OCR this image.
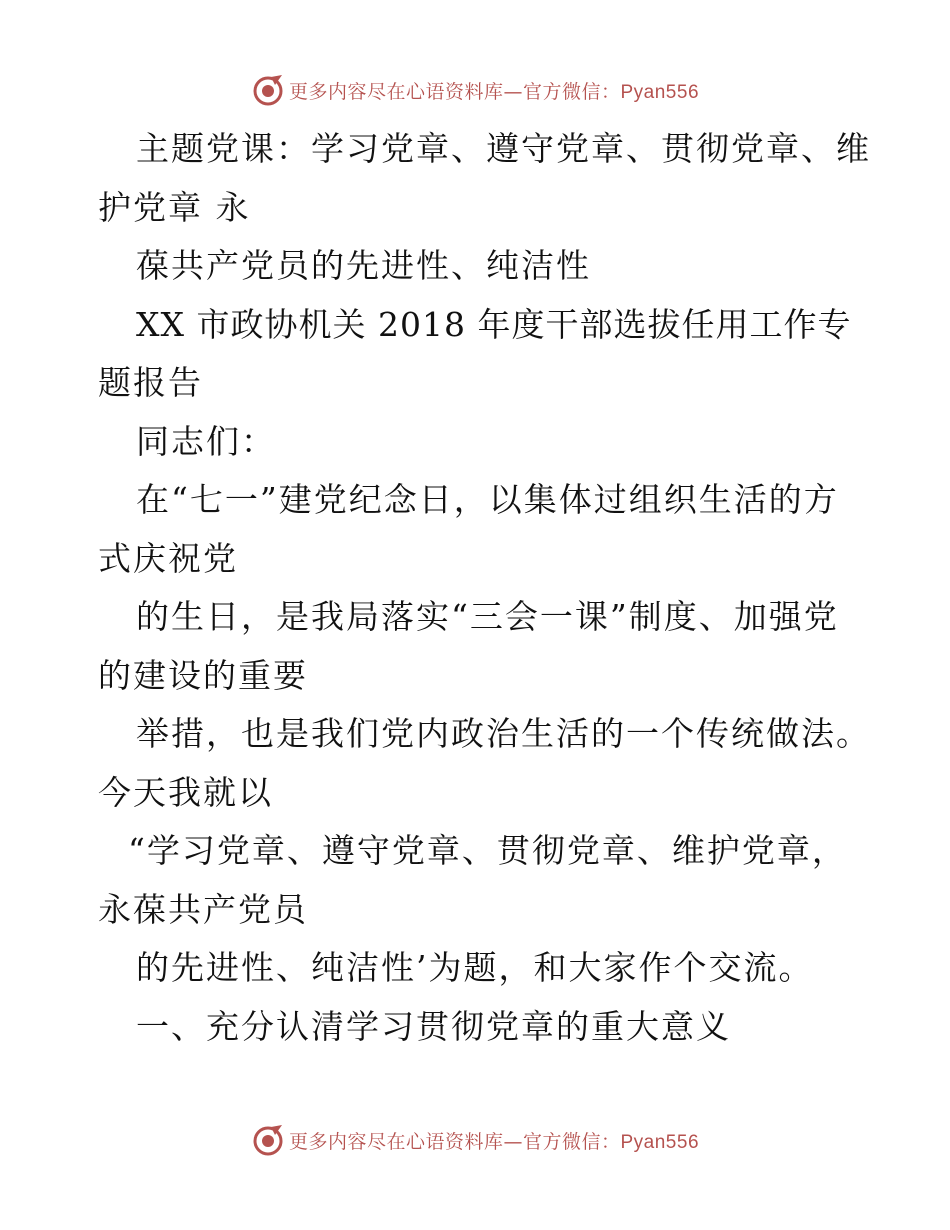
更多内容尽在心语资料库—官方微信：Pyan556
主题党课：学习党章、遵守党章、贯彻党章、维
护党章 永
葆共产党员的先进性、纯洁性
XX 市政协机关 2018 年度干部选拔任用工作专
题报告
同志们：
在“七一”建党纪念日，以集体过组织生活的方
式庆祝党
的生日，是我局落实“三会一课”制度、加强党
的建设的重要
举措，也是我们党内政治生活的一个传统做法。
今天我就以
“学习党章、遵守党章、贯彻党章、维护党章，
永葆共产党员
的先进性、纯洁性’为题，和大家作个交流。
一、充分认清学习贯彻党章的重大意义
更多内容尽在心语资料库—官方微信：Pyan556
